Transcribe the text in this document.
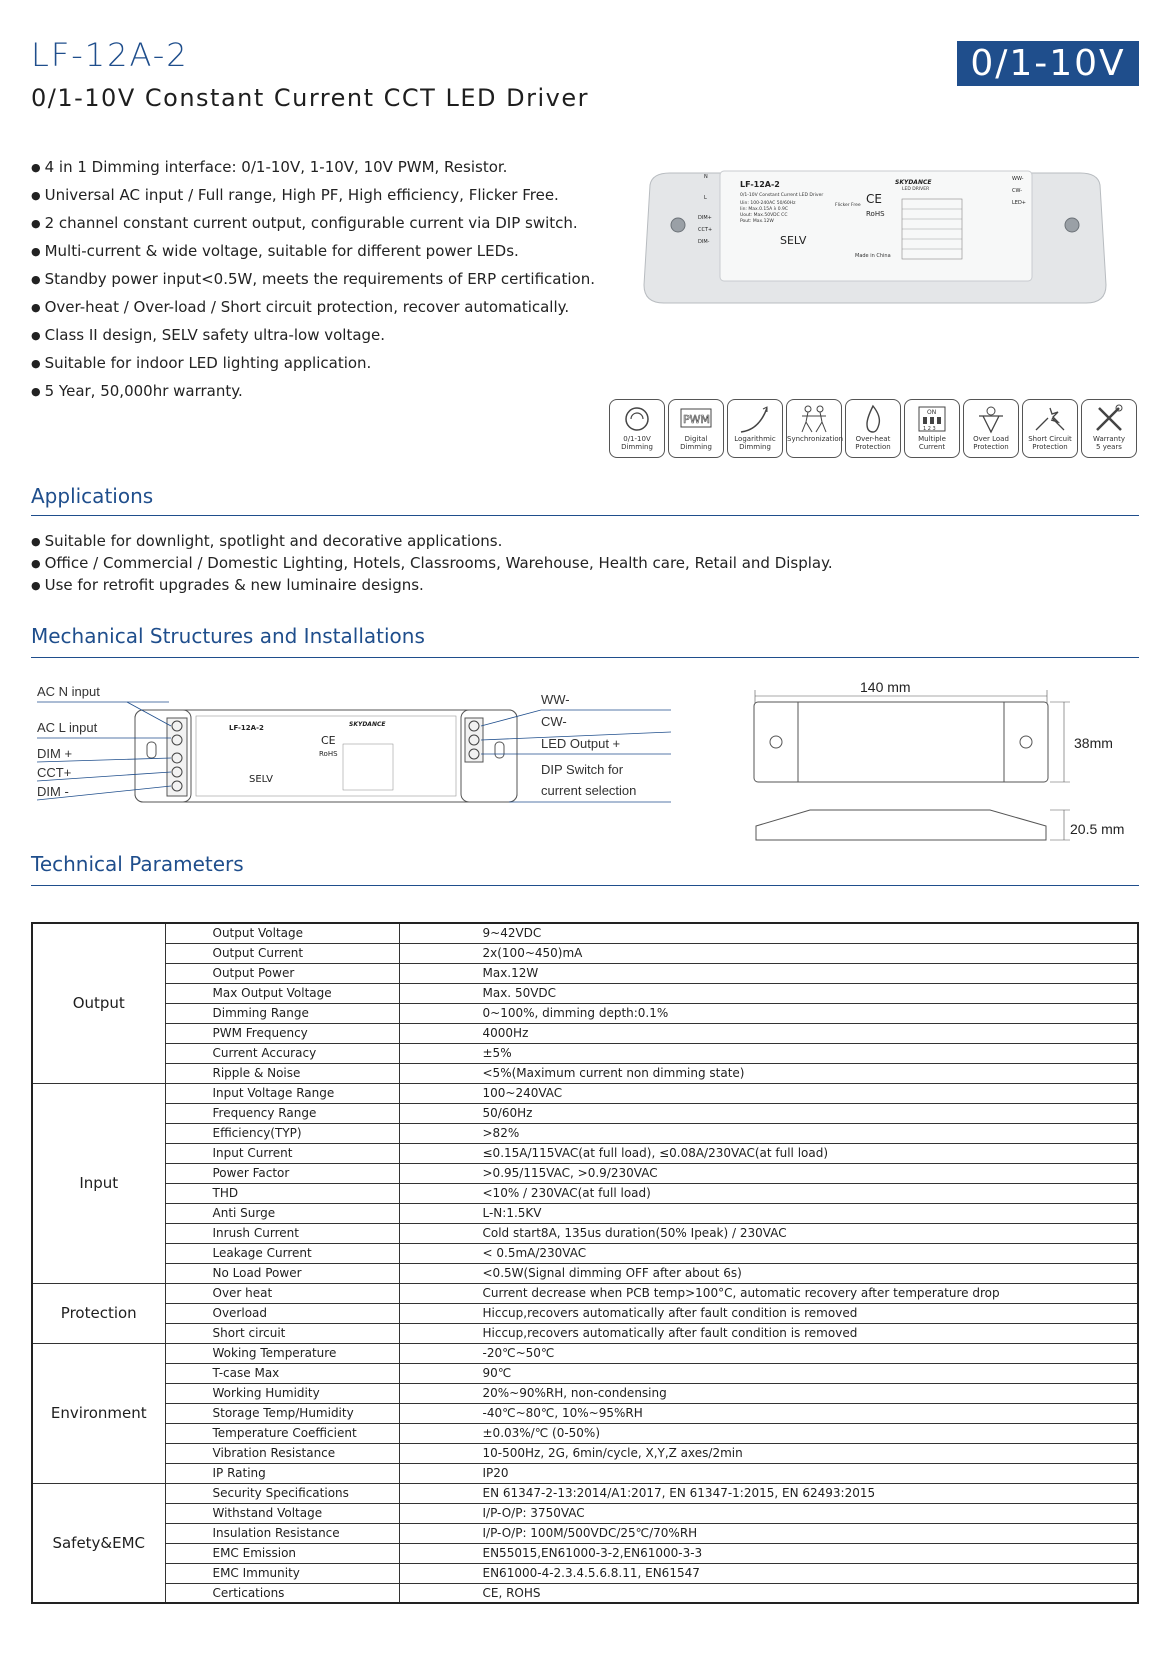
LF-12A-2
0/1-10V Constant Current CCT LED Driver
0/1-10V
● 4 in 1 Dimming interface: 0/1-10V, 1-10V, 10V PWM, Resistor.
● Universal AC input / Full range, High PF, High efficiency, Flicker Free.
● 2 channel constant current output, configurable current via DIP switch.
● Multi-current & wide voltage, suitable for different power LEDs.
● Standby power input<0.5W, meets the requirements of ERP certification.
● Over-heat / Over-load / Short circuit protection, recover automatically.
● Class II design, SELV safety ultra-low voltage.
● Suitable for indoor LED lighting application.
● 5 Year, 50,000hr warranty.
LF-12A-2
0/1-10V Constant Current LED Driver
Uin: 100-240AC 50/60Hz
Iin: Max.0.15A λ 0.9C
Uout: Max.50VDC CC
Pout: Max.12W
SKYDANCE
LED DRIVER
Flicker Free CE
RoHS
SELV
Made in China
N
L
DIM+
CCT+
DIM-
WW-
CW-
LED+
0/1-10V
Dimming
PWM
Digital
Dimming
Logarithmic
Dimming
Synchronization	Over-heat
Protection
ON
1 2 3
Multiple Current
Over Load
Protection
Short Circuit
Protection
Warranty
5 years
Applications
● Suitable for downlight, spotlight and decorative applications.
● Office / Commercial / Domestic Lighting, Hotels, Classrooms, Warehouse, Health care, Retail and Display.
● Use for retrofit upgrades & new luminaire designs.
Mechanical Structures and Installations
LF-12A-2	SKYDANCE
CE
RoHS
SELV
AC N input
AC L input
DIM +
CCT+
DIM -
WW-
CW-
LED Output +
DIP Switch for
current selection
140 mm
38mm
20.5 mm
Technical Parameters
Output	Output Voltage	9~42VDC
	Output Current	2x(100~450)mA
	Output Power	Max.12W
	Max Output Voltage	Max. 50VDC
	Dimming Range	0~100%, dimming depth:0.1%
	PWM Frequency	4000Hz
	Current Accuracy	±5%
	Ripple & Noise	<5%(Maximum current non dimming state)
Input	Input Voltage Range	100~240VAC
	Frequency Range	50/60Hz
	Efficiency(TYP)	>82%
	Input Current	≤0.15A/115VAC(at full load), ≤0.08A/230VAC(at full load)
	Power Factor	>0.95/115VAC, >0.9/230VAC
	THD	<10% / 230VAC(at full load)
	Anti Surge	L-N:1.5KV
	Inrush Current	Cold start8A, 135us duration(50% Ipeak) / 230VAC
	Leakage Current	< 0.5mA/230VAC
	No Load Power	<0.5W(Signal dimming OFF after about 6s)
Protection	Over heat	Current decrease when PCB temp>100°C, automatic recovery after temperature drop
	Overload	Hiccup,recovers automatically after fault condition is removed
	Short circuit	Hiccup,recovers automatically after fault condition is removed
Environment	Woking Temperature	-20℃~50℃
	T-case Max	90℃
	Working Humidity	20%~90%RH, non-condensing
	Storage Temp/Humidity	-40℃~80℃, 10%~95%RH
	Temperature Coefficient	±0.03%/℃ (0-50%)
	Vibration Resistance	10-500Hz, 2G, 6min/cycle, X,Y,Z axes/2min
	IP Rating	IP20
Safety&EMC	Security Specifications	EN 61347-2-13:2014/A1:2017, EN 61347-1:2015, EN 62493:2015
	Withstand Voltage	I/P-O/P: 3750VAC
	Insulation Resistance	I/P-O/P: 100M/500VDC/25℃/70%RH
	EMC Emission	EN55015,EN61000-3-2,EN61000-3-3
	EMC Immunity	EN61000-4-2.3.4.5.6.8.11, EN61547
	Certications	CE, ROHS
